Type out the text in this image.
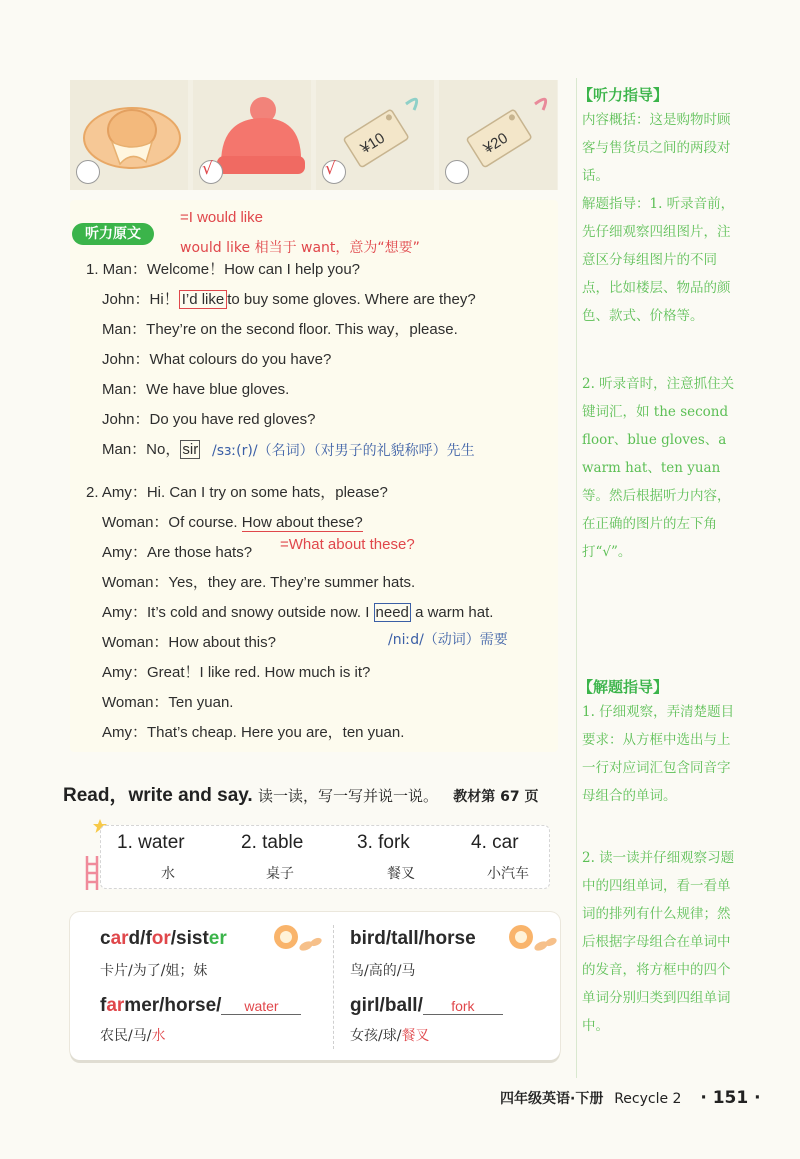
√
¥10
√
¥20
听力原文
=I would like
would like 相当于 want，意为“想要”
1. Man：Welcome！How can I help you?
John：Hi！ I’d like to buy some gloves. Where are they?
Man：They’re on the second floor. This way，please.
John：What colours do you have?
Man：We have blue gloves.
John：Do you have red gloves?
Man：No， sir /sɜː(r)/（名词）（对男子的礼貌称呼）先生
2. Amy：Hi. Can I try on some hats，please?
Woman：Of course. How about these?
Amy：Are those hats? =What about these?
Woman：Yes，they are. They’re summer hats.
Amy：It’s cold and snowy outside now. I need a warm hat.
Woman：How about this?	/niːd/（动词）需要
Amy：Great！I like red. How much is it?
Woman：Ten yuan.
Amy：That’s cheap. Here you are，ten yuan.
Read，write and say. 读一读，写一写并说一说。 教材第 67 页
1. water
水
2. table
桌子
3. fork
餐叉
4. car
小汽车
card/for/sister
卡片/为了/姐；妹
bird/tall/horse
鸟/高的/马
farmer/horse/ water
农民/马/水
girl/ball/ fork
女孩/球/餐叉
【听力指导】
内容概括：这是购物时顾客与售货员之间的两段对话。
解题指导：1. 听录音前，先仔细观察四组图片，注意区分每组图片的不同点，比如楼层、物品的颜色、款式、价格等。
2. 听录音时，注意抓住关键词汇，如 the second floor、blue gloves、a warm hat、ten yuan 等。然后根据听力内容，在正确的图片的左下角打“√”。
【解题指导】
1. 仔细观察，弄清楚题目要求：从方框中选出与上一行对应词汇包含同音字母组合的单词。
2. 读一读并仔细观察习题中的四组单词，看一看单词的排列有什么规律；然后根据字母组合在单词中的发音，将方框中的四个单词分别归类到四组单词中。
四年级英语·下册 Recycle 2 · 151 ·
